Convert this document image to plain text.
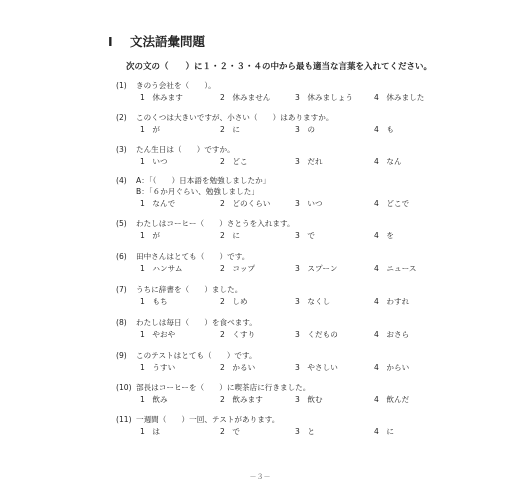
I 文法語彙問題
次の文の（　　）に１・２・３・４の中から最も適当な言葉を入れてください。
(1) きのう会社を（　　）。
1　休みます	2　休みません	3　休みましょう	4　休みました
(2) このくつは大きいですが、小さい（　　）はありますか。
1　が	2　に	3　の	4　も
(3) たん生日は（　　）ですか。
1　いつ	2　どこ	3　だれ	4　なん
(4) A：「（　　）日本語を勉強しましたか」
B：「６か月ぐらい、勉強しました」
1　なんで	2　どのくらい	3　いつ	4　どこで
(5) わたしはコーヒー（　　）さとうを入れます。
1　が	2　に	3　で	4　を
(6) 田中さんはとても（　　）です。
1　ハンサム	2　コップ	3　スプーン	4　ニュース
(7) うちに辞書を（　　）ました。
1　もち	2　しめ	3　なくし	4　わすれ
(8) わたしは毎日（　　）を食べます。
1　やおや	2　くすり	3　くだもの	4　おさら
(9) このテストはとても（　　）です。
1　うすい	2　かるい	3　やさしい	4　からい
(10) 部長はコーヒーを（　　）に喫茶店に行きました。
1　飲み	2　飲みます	3　飲む	4　飲んだ
(11) 一週間（　　）一回、テストがあります。
1　は	2　で	3　と	4　に
－３－
